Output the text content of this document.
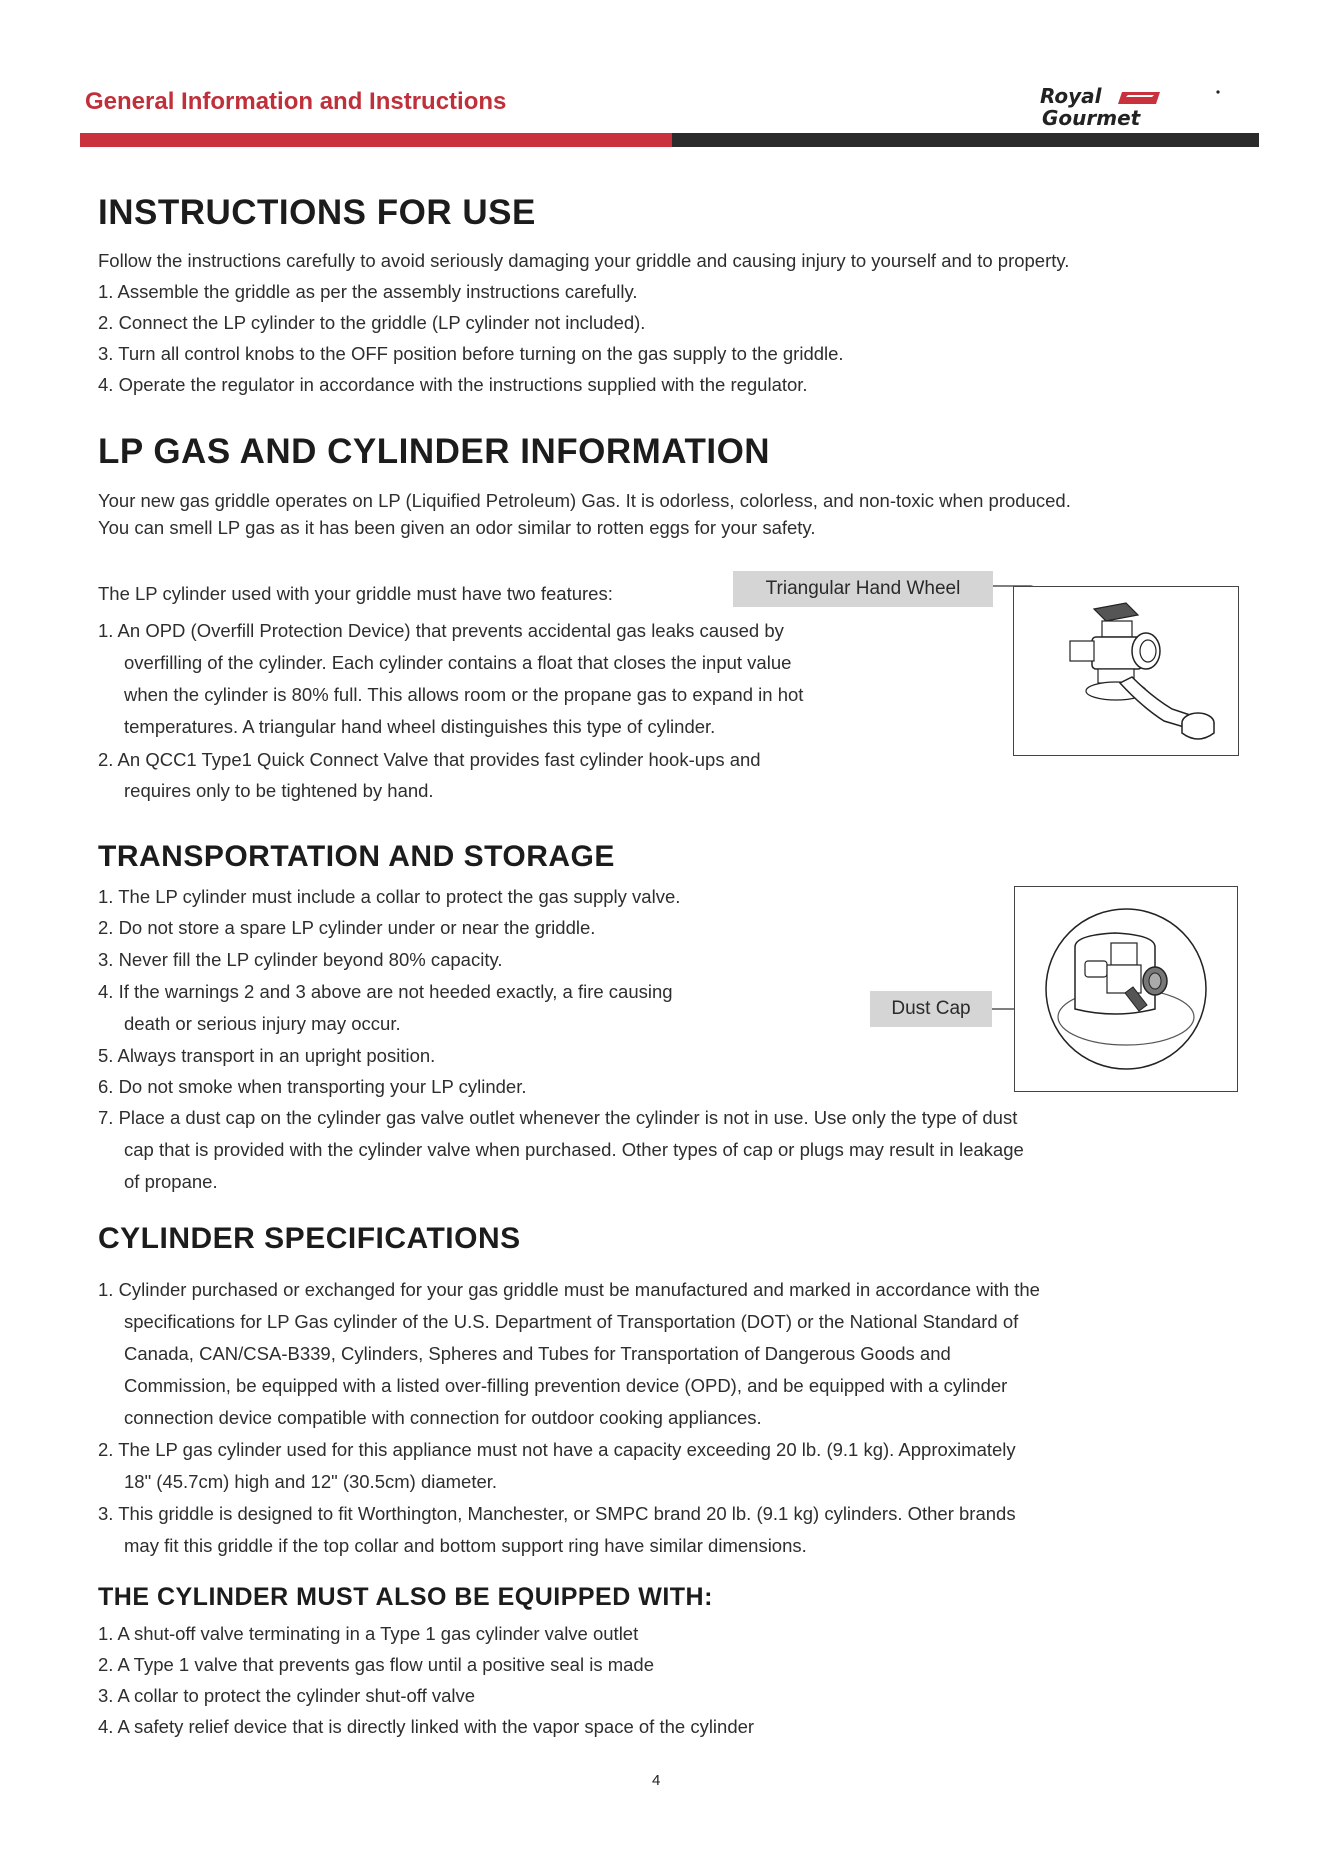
General Information and Instructions	Royal
Gourmet
INSTRUCTIONS FOR USE

Follow the instructions carefully to avoid seriously damaging your griddle and causing injury to yourself and to property.

1. Assemble the griddle as per the assembly instructions carefully.

2. Connect the LP cylinder to the griddle (LP cylinder not included).

3. Turn all control knobs to the OFF position before turning on the gas supply to the griddle.

4. Operate the regulator in accordance with the instructions supplied with the regulator.

LP GAS AND CYLINDER INFORMATION

Your new gas griddle operates on LP (Liquified Petroleum) Gas. It is odorless, colorless, and non-toxic when produced.

You can smell LP gas as it has been given an odor similar to rotten eggs for your safety.

The LP cylinder used with your griddle must have two features:

1. An OPD (Overfill Protection Device) that prevents accidental gas leaks caused by

overfilling of the cylinder. Each cylinder contains a float that closes the input value

when the cylinder is 80% full. This allows room or the propane gas to expand in hot

temperatures. A triangular hand wheel distinguishes this type of cylinder.

2. An QCC1 Type1 Quick Connect Valve that provides fast cylinder hook-ups and

requires only to be tightened by hand.

Triangular Hand Wheel
TRANSPORTATION AND STORAGE

1. The LP cylinder must include a collar to protect the gas supply valve.

2. Do not store a spare LP cylinder under or near the griddle.

3. Never fill the LP cylinder beyond 80% capacity.

4. If the warnings 2 and 3 above are not heeded exactly, a fire causing

death or serious injury may occur.

5. Always transport in an upright position.

6. Do not smoke when transporting your LP cylinder.

7. Place a dust cap on the cylinder gas valve outlet whenever the cylinder is not in use. Use only the type of dust

cap that is provided with the cylinder valve when purchased. Other types of cap or plugs may result in leakage

of propane.

Dust Cap
CYLINDER SPECIFICATIONS

1. Cylinder purchased or exchanged for your gas griddle must be manufactured and marked in accordance with the

specifications for LP Gas cylinder of the U.S. Department of Transportation (DOT) or the National Standard of

Canada, CAN/CSA-B339, Cylinders, Spheres and Tubes for Transportation of Dangerous Goods and

Commission, be equipped with a listed over-filling prevention device (OPD), and be equipped with a cylinder

connection device compatible with connection for outdoor cooking appliances.

2. The LP gas cylinder used for this appliance must not have a capacity exceeding 20 lb. (9.1 kg). Approximately

18" (45.7cm) high and 12" (30.5cm) diameter.

3. This griddle is designed to fit Worthington, Manchester, or SMPC brand 20 lb. (9.1 kg) cylinders. Other brands

may fit this griddle if the top collar and bottom support ring have similar dimensions.

THE CYLINDER MUST ALSO BE EQUIPPED WITH:

1. A shut-off valve terminating in a Type 1 gas cylinder valve outlet

2. A Type 1 valve that prevents gas flow until a positive seal is made

3. A collar to protect the cylinder shut-off valve

4. A safety relief device that is directly linked with the vapor space of the cylinder

4
